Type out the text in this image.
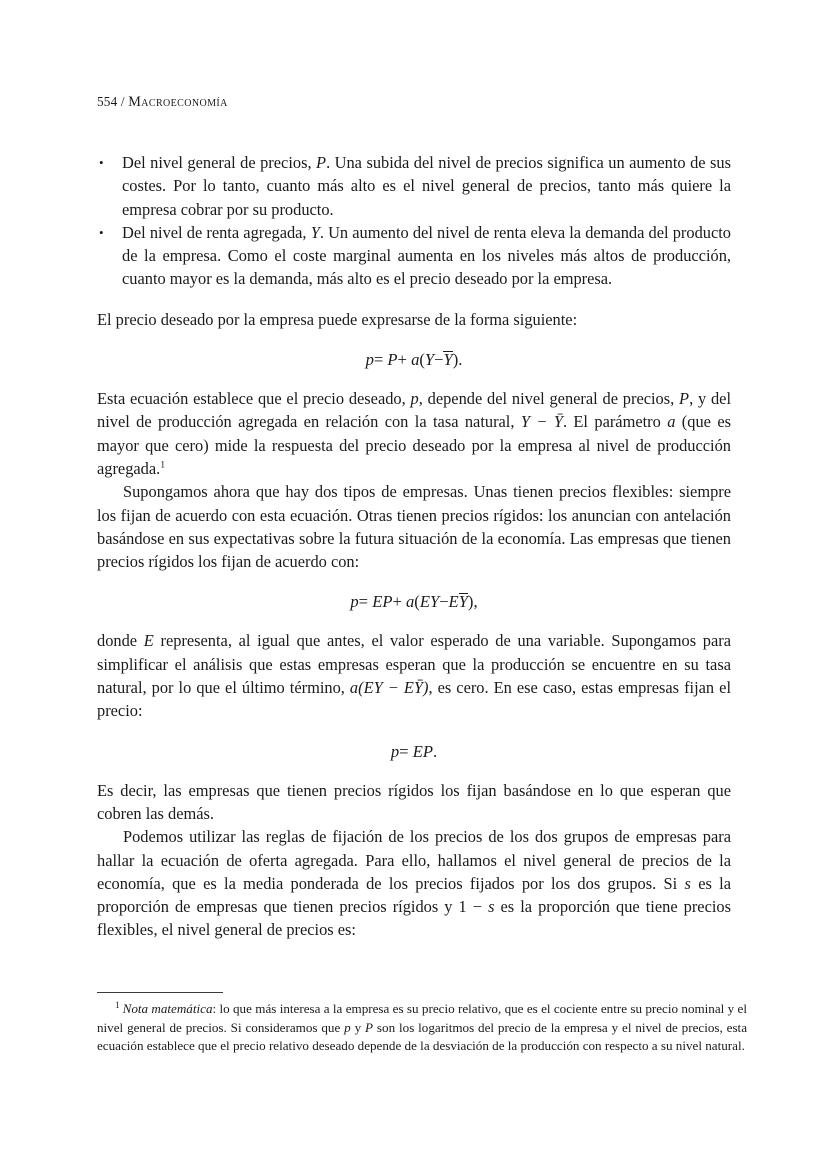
554 / Macroeconomía
• Del nivel general de precios, P. Una subida del nivel de precios significa un aumento de sus costes. Por lo tanto, cuanto más alto es el nivel general de precios, tanto más quiere la empresa cobrar por su producto.
• Del nivel de renta agregada, Y. Un aumento del nivel de renta eleva la demanda del producto de la empresa. Como el coste marginal aumenta en los niveles más altos de producción, cuanto mayor es la demanda, más alto es el precio deseado por la empresa.

El precio deseado por la empresa puede expresarse de la forma siguiente:

p= P+ a(Y−Y).

Esta ecuación establece que el precio deseado, p, depende del nivel general de precios, P, y del nivel de producción agregada en relación con la tasa natural, Y − Ȳ. El parámetro a (que es mayor que cero) mide la respuesta del precio deseado por la empresa al nivel de producción agregada.$^1$

Supongamos ahora que hay dos tipos de empresas. Unas tienen precios flexibles: siempre los fijan de acuerdo con esta ecuación. Otras tienen precios rígidos: los anuncian con antelación basándose en sus expectativas sobre la futura situación de la economía. Las empresas que tienen precios rígidos los fijan de acuerdo con:

p= EP+ a(EY−EY),

donde E representa, al igual que antes, el valor esperado de una variable. Supongamos para simplificar el análisis que estas empresas esperan que la producción se encuentre en su tasa natural, por lo que el último término, a(EY − EȲ), es cero. En ese caso, estas empresas fijan el precio:

p= EP.

Es decir, las empresas que tienen precios rígidos los fijan basándose en lo que esperan que cobren las demás.

Podemos utilizar las reglas de fijación de los precios de los dos grupos de empresas para hallar la ecuación de oferta agregada. Para ello, hallamos el nivel general de precios de la economía, que es la media ponderada de los precios fijados por los dos grupos. Si s es la proporción de empresas que tienen precios rígidos y 1 − s es la proporción que tiene precios flexibles, el nivel general de precios es:

$^1$ Nota matemática: lo que más interesa a la empresa es su precio relativo, que es el cociente entre su precio nominal y el nivel general de precios. Si consideramos que p y P son los logaritmos del precio de la empresa y el nivel de precios, esta ecuación establece que el precio relativo deseado depende de la desviación de la producción con respecto a su nivel natural.
